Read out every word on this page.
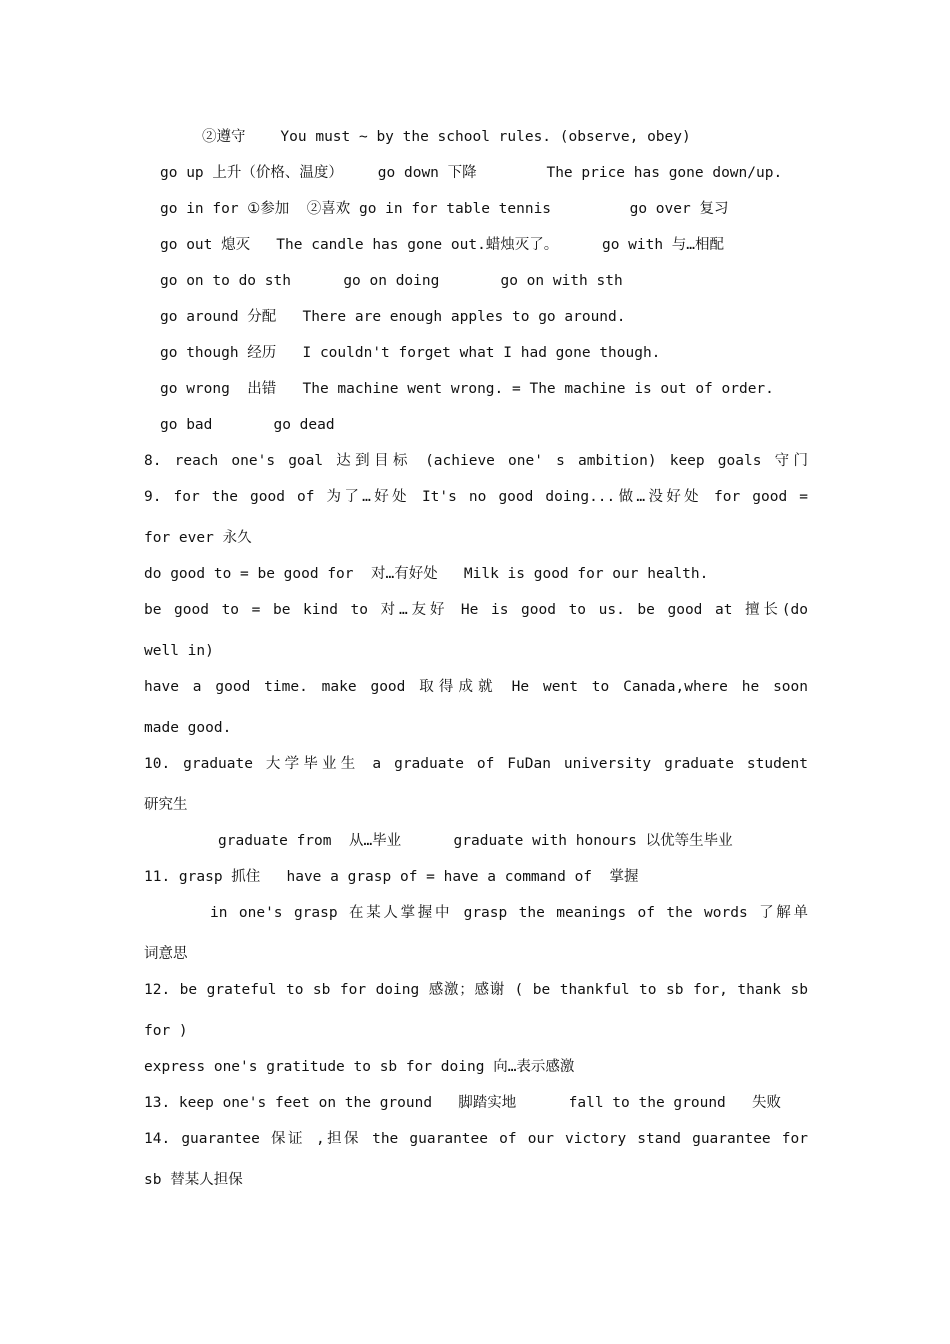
②遵守    You must ~ by the school rules. (observe, obey)
go up 上升（价格、温度）    go down 下降        The price has gone down/up.
go in for ①参加  ②喜欢 go in for table tennis         go over 复习
go out 熄灭   The candle has gone out.蜡烛灭了。     go with 与…相配
go on to do sth      go on doing       go on with sth
go around 分配   There are enough apples to go around.
go though 经历   I couldn't forget what I had gone though.
go wrong  出错   The machine went wrong. = The machine is out of order.
go bad       go dead
8. reach one's goal 达到目标 (achieve one' s ambition) keep goals 守门
9. for the good of 为了…好处 It's no good doing...做…没好处 for good =
for ever 永久
do good to = be good for  对…有好处   Milk is good for our health.
be good to = be kind to 对…友好 He is good to us. be good at 擅长(do
well in)
have a good time. make good 取得成就 He went to Canada,where he soon
made good.
10. graduate 大学毕业生 a graduate of FuDan university graduate student
研究生
graduate from  从…毕业      graduate with honours 以优等生毕业
11. grasp 抓住   have a grasp of = have a command of  掌握
in one's grasp 在某人掌握中 grasp the meanings of the words 了解单
词意思
12. be grateful to sb for doing 感激；感谢 ( be thankful to sb for, thank sb
for )
express one's gratitude to sb for doing 向…表示感激
13. keep one's feet on the ground   脚踏实地      fall to the ground   失败
14. guarantee 保证 ,担保 the guarantee of our victory stand guarantee for
sb 替某人担保
